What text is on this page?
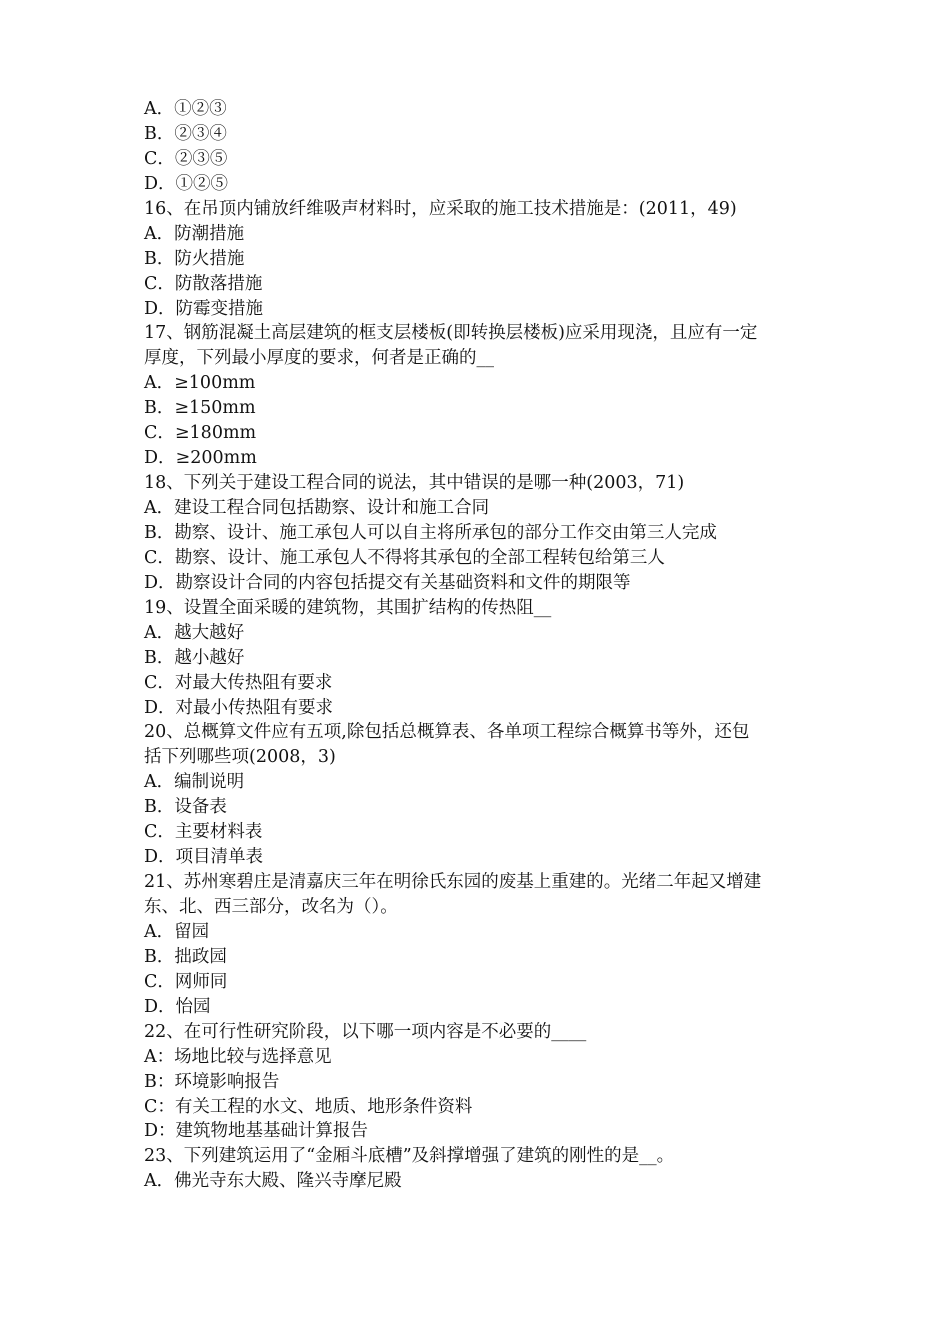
A．①②③
B．②③④
C．②③⑤
D．①②⑤
16、在吊顶内铺放纤维吸声材料时，应采取的施工技术措施是：(2011，49)
A．防潮措施
B．防火措施
C．防散落措施
D．防霉变措施
17、钢筋混凝土高层建筑的框支层楼板(即转换层楼板)应采用现浇，且应有一定
厚度，下列最小厚度的要求，何者是正确的__
A．≥100mm
B．≥150mm
C．≥180mm
D．≥200mm
18、下列关于建设工程合同的说法，其中错误的是哪一种(2003，71)
A．建设工程合同包括勘察、设计和施工合同
B．勘察、设计、施工承包人可以自主将所承包的部分工作交由第三人完成
C．勘察、设计、施工承包人不得将其承包的全部工程转包给第三人
D．勘察设计合同的内容包括提交有关基础资料和文件的期限等
19、设置全面采暖的建筑物，其围扩结构的传热阻__
A．越大越好
B．越小越好
C．对最大传热阻有要求
D．对最小传热阻有要求
20、总概算文件应有五项,除包括总概算表、各单项工程综合概算书等外，还包
括下列哪些项(2008，3)
A．编制说明
B．设备表
C．主要材料表
D．项目清单表
21、苏州寒碧庄是清嘉庆三年在明徐氏东园的废基上重建的。光绪二年起又增建
东、北、西三部分，改名为（）。
A．留园
B．拙政园
C．网师同
D．怡园
22、在可行性研究阶段，以下哪一项内容是不必要的____
A：场地比较与选择意见
B：环境影响报告
C：有关工程的水文、地质、地形条件资料
D：建筑物地基基础计算报告
23、下列建筑运用了“金厢斗底槽”及斜撑增强了建筑的刚性的是__。
A．佛光寺东大殿、隆兴寺摩尼殿
